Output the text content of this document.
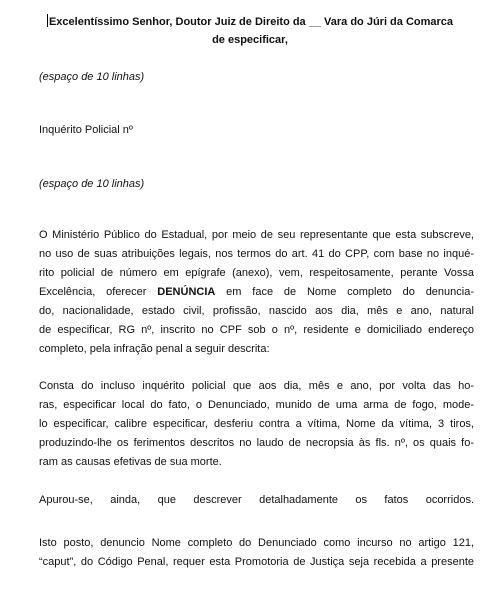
Excelentíssimo Senhor, Doutor Juiz de Direito da __ Vara do Júri da Comarca
de especificar,
(espaço de 10 linhas)
Inquérito Policial nº
(espaço de 10 linhas)
O Ministério Público do Estadual, por meio de seu representante que esta subscreve,
no uso de suas atribuições legais, nos termos do art. 41 do CPP, com base no inqué-
rito policial de número em epígrafe (anexo), vem, respeitosamente, perante Vossa
Excelência, oferecer DENÚNCIA em face de Nome completo do denuncia-
do, nacionalidade, estado civil, profissão, nascido aos dia, mês e ano, natural
de especificar, RG nº, inscrito no CPF sob o nº, residente e domiciliado endereço
completo, pela infração penal a seguir descrita:
Consta do incluso inquérito policial que aos dia, mês e ano, por volta das ho-
ras, especificar local do fato, o Denunciado, munido de uma arma de fogo, mode-
lo especificar, calibre especificar, desferiu contra a vítima, Nome da vítima, 3 tiros,
produzindo-lhe os ferimentos descritos no laudo de necropsia às fls. nº, os quais fo-
ram as causas efetivas de sua morte.
Apurou-se, ainda, que descrever detalhadamente os fatos ocorridos.
Isto posto, denuncio Nome completo do Denunciado como incurso no artigo 121,
“caput”, do Código Penal, requer esta Promotoria de Justiça seja recebida a presente
